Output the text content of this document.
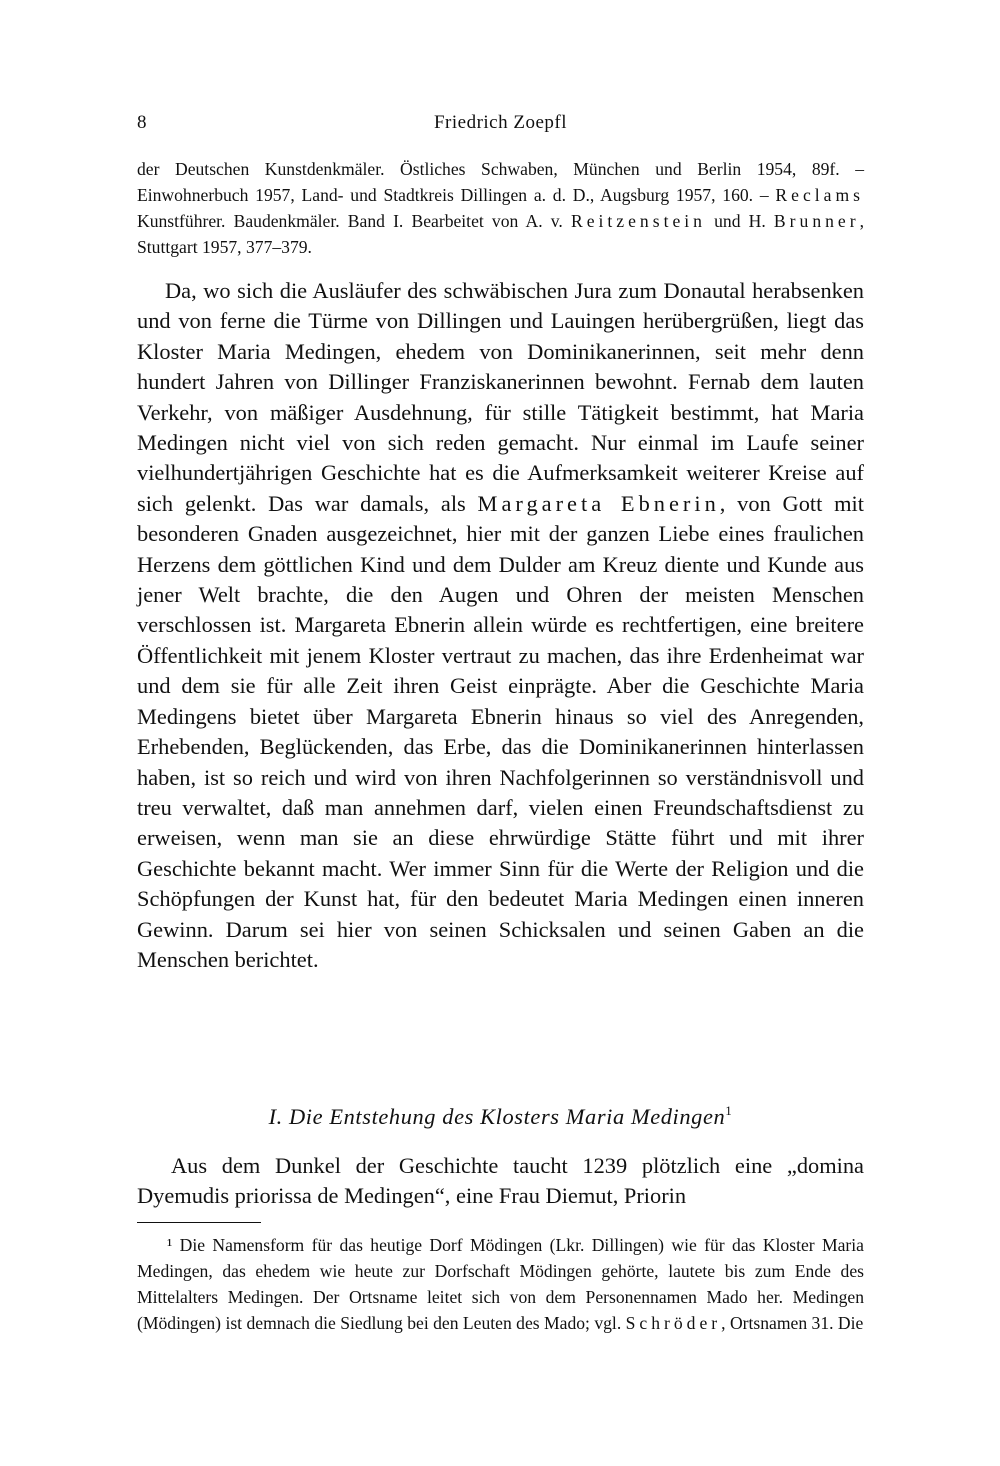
8	Friedrich Zoepfl

der Deutschen Kunstdenkmäler. Östliches Schwaben, München und Berlin 1954, 89f. – Einwohnerbuch 1957, Land- und Stadtkreis Dillingen a. d. D., Augsburg 1957, 160. – Reclams Kunstführer. Baudenkmäler. Band I. Bearbeitet von A. v. Reitzenstein und H. Brunner, Stuttgart 1957, 377–379.

Da, wo sich die Ausläufer des schwäbischen Jura zum Donautal herabsenken und von ferne die Türme von Dillingen und Lauingen herübergrüßen, liegt das Kloster Maria Medingen, ehedem von Dominikanerinnen, seit mehr denn hundert Jahren von Dillinger Franziskanerinnen bewohnt. Fernab dem lauten Verkehr, von mäßiger Ausdehnung, für stille Tätigkeit bestimmt, hat Maria Medingen nicht viel von sich reden gemacht. Nur einmal im Laufe seiner vielhundertjährigen Geschichte hat es die Aufmerksamkeit weiterer Kreise auf sich gelenkt. Das war damals, als Margareta Ebnerin, von Gott mit besonderen Gnaden ausgezeichnet, hier mit der ganzen Liebe eines fraulichen Herzens dem göttlichen Kind und dem Dulder am Kreuz diente und Kunde aus jener Welt brachte, die den Augen und Ohren der meisten Menschen verschlossen ist. Margareta Ebnerin allein würde es rechtfertigen, eine breitere Öffentlichkeit mit jenem Kloster vertraut zu machen, das ihre Erdenheimat war und dem sie für alle Zeit ihren Geist einprägte. Aber die Geschichte Maria Medingens bietet über Margareta Ebnerin hinaus so viel des Anregenden, Erhebenden, Beglückenden, das Erbe, das die Dominikanerinnen hinterlassen haben, ist so reich und wird von ihren Nachfolgerinnen so verständnisvoll und treu verwaltet, daß man annehmen darf, vielen einen Freundschaftsdienst zu erweisen, wenn man sie an diese ehrwürdige Stätte führt und mit ihrer Geschichte bekannt macht. Wer immer Sinn für die Werte der Religion und die Schöpfungen der Kunst hat, für den bedeutet Maria Medingen einen inneren Gewinn. Darum sei hier von seinen Schicksalen und seinen Gaben an die Menschen berichtet.

I. Die Entstehung des Klosters Maria Medingen$^1$

Aus dem Dunkel der Geschichte taucht 1239 plötzlich eine „domina Dyemudis priorissa de Medingen“, eine Frau Diemut, Priorin

¹ Die Namensform für das heutige Dorf Mödingen (Lkr. Dillingen) wie für das Kloster Maria Medingen, das ehedem wie heute zur Dorfschaft Mödingen gehörte, lautete bis zum Ende des Mittelalters Medingen. Der Ortsname leitet sich von dem Personennamen Mado her. Medingen (Mödingen) ist demnach die Siedlung bei den Leuten des Mado; vgl. Schröder, Ortsnamen 31. Die
